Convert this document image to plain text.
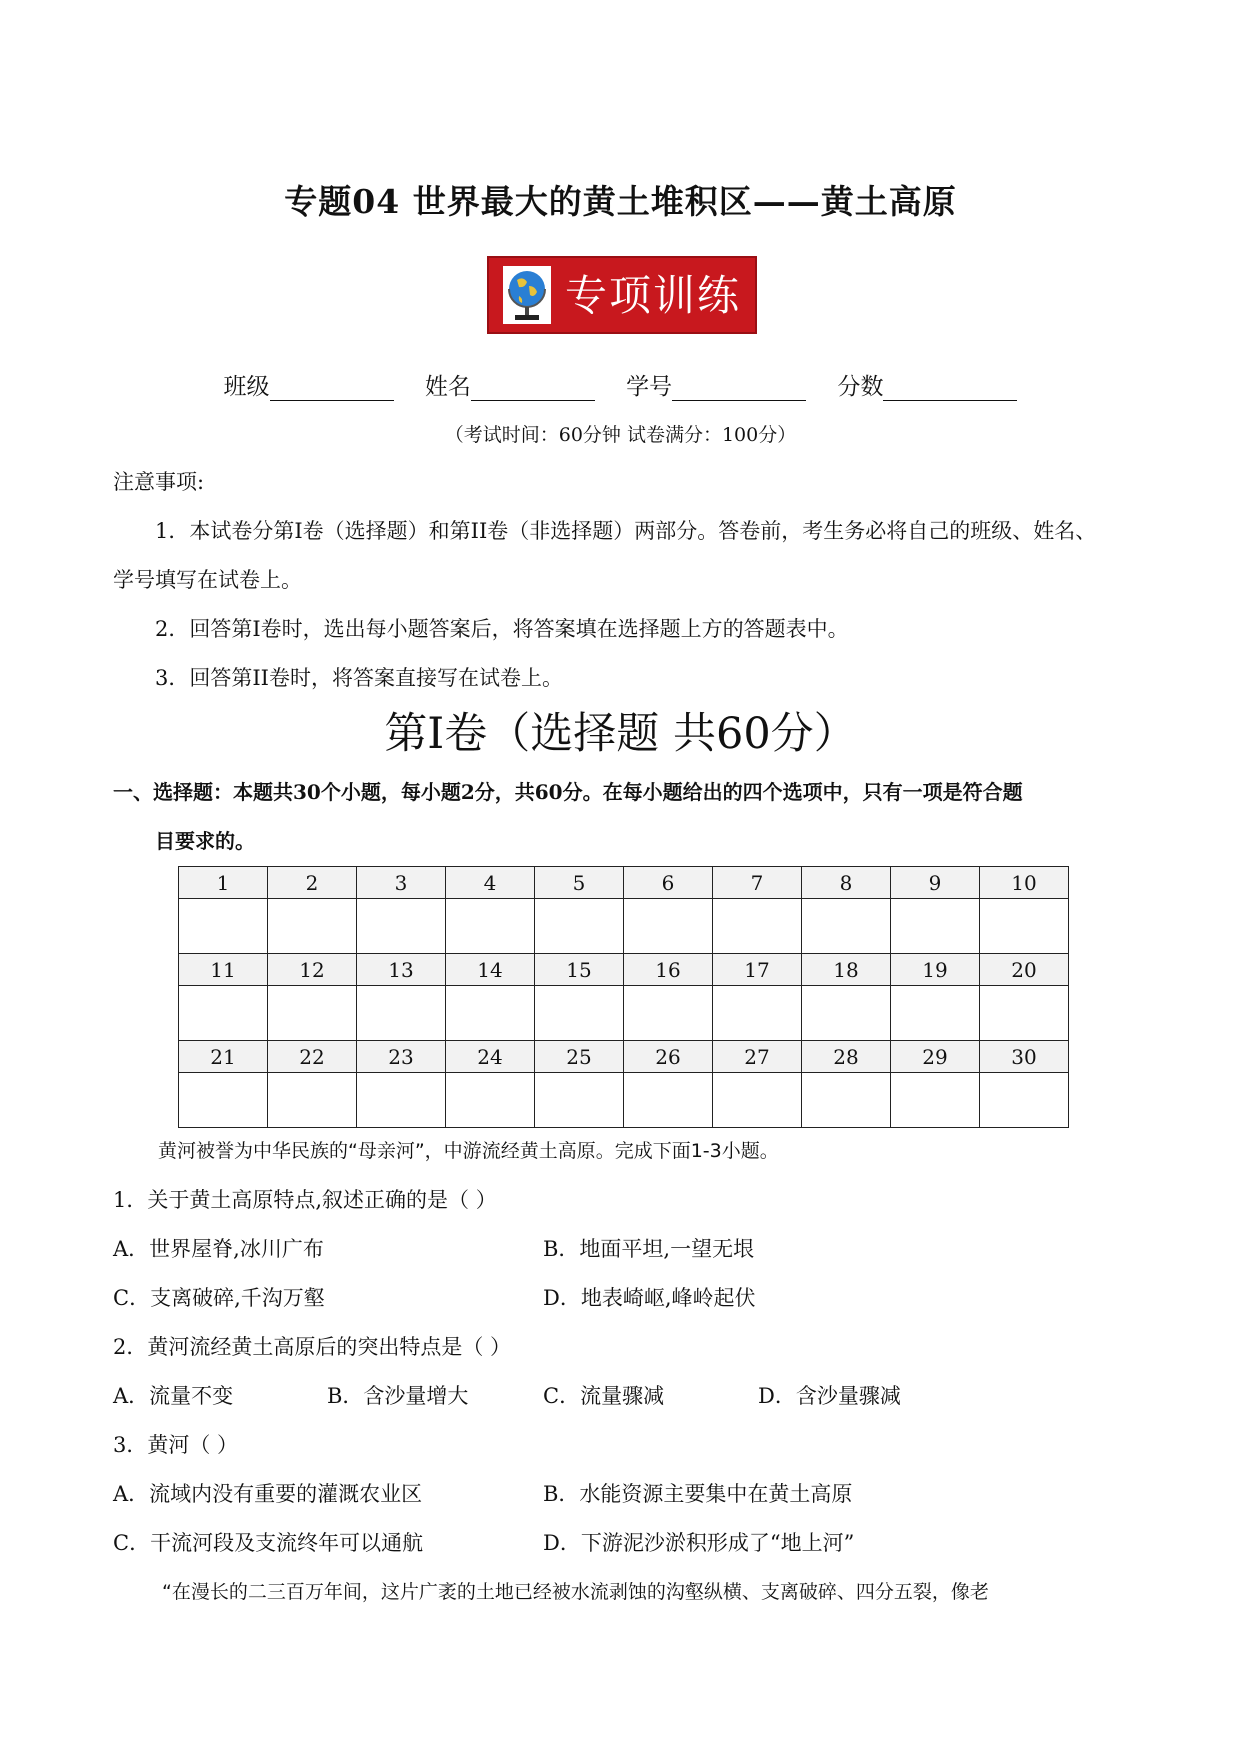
专题04 世界最大的黄土堆积区——黄土高原
专项训练
班级	姓名	学号	分数
（考试时间：60分钟 试卷满分：100分）
注意事项:
1．本试卷分第I卷（选择题）和第II卷（非选择题）两部分。答卷前，考生务必将自己的班级、姓名、
学号填写在试卷上。
2．回答第I卷时，选出每小题答案后，将答案填在选择题上方的答题表中。
3．回答第II卷时，将答案直接写在试卷上。
第I卷（选择题 共60分）
一、选择题：本题共30个小题，每小题2分，共60分。在每小题给出的四个选项中，只有一项是符合题
目要求的。
1	2	3	4	5	6	7	8	9	10

11	12	13	14	15	16	17	18	19	20

21	22	23	24	25	26	27	28	29	30

黄河被誉为中华民族的“母亲河”，中游流经黄土高原。完成下面1-3小题。
1．关于黄土高原特点,叙述正确的是（ ）
A．世界屋脊,冰川广布	B．地面平坦,一望无垠
C．支离破碎,千沟万壑	D．地表崎岖,峰岭起伏
2．黄河流经黄土高原后的突出特点是（ ）
A．流量不变	B．含沙量增大	C．流量骤减	D．含沙量骤减
3．黄河（ ）
A．流域内没有重要的灌溉农业区	B．水能资源主要集中在黄土高原
C．干流河段及支流终年可以通航	D．下游泥沙淤积形成了“地上河”
“在漫长的二三百万年间，这片广袤的土地已经被水流剥蚀的沟壑纵横、支离破碎、四分五裂，像老
